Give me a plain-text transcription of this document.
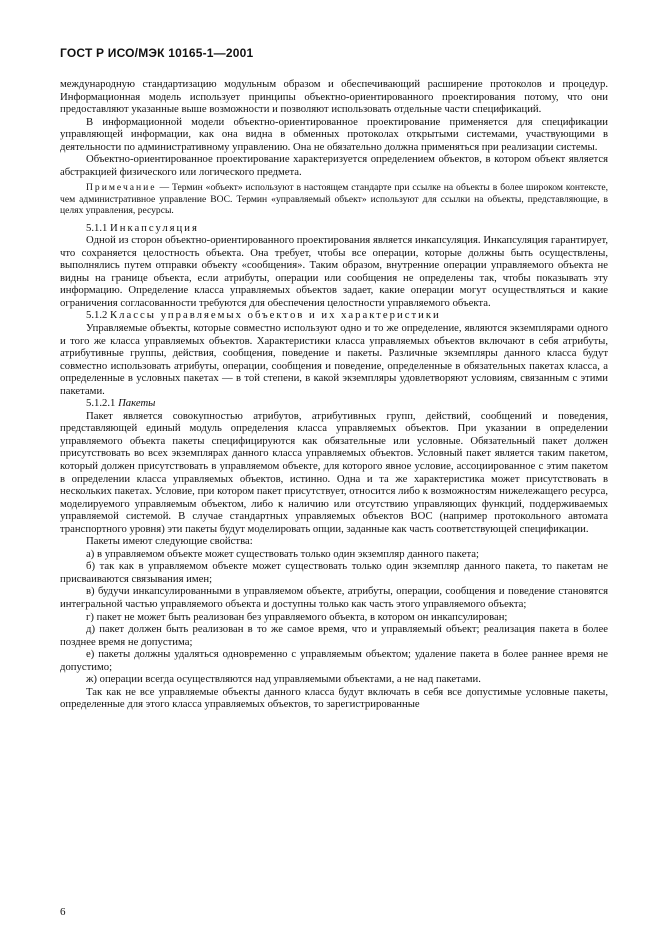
ГОСТ Р ИСО/МЭК 10165-1—2001

международную стандартизацию модульным образом и обеспечивающий расширение протоколов и процедур. Информационная модель использует принципы объектно-ориентированного проектирования потому, что они предоставляют указанные выше возможности и позволяют использовать отдельные части спецификаций.

В информационной модели объектно-ориентированное проектирование применяется для спецификации управляющей информации, как она видна в обменных протоколах открытыми системами, участвующими в деятельности по административному управлению. Она не обязательно должна применяться при реализации системы.

Объектно-ориентированное проектирование характеризуется определением объектов, в котором объект является абстракцией физического или логического предмета.

Примечание — Термин «объект» используют в настоящем стандарте при ссылке на объекты в более широком контексте, чем административное управление ВОС. Термин «управляемый объект» используют для ссылки на объекты, представляющие, в целях управления, ресурсы.

5.1.1 Инкапсуляция

Одной из сторон объектно-ориентированного проектирования является инкапсуляция. Инкапсуляция гарантирует, что сохраняется целостность объекта. Она требует, чтобы все операции, которые должны быть осуществлены, выполнялись путем отправки объекту «сообщения». Таким образом, внутренние операции управляемого объекта не видны на границе объекта, если атрибуты, операции или сообщения не определены так, чтобы показывать эту информацию. Определение класса управляемых объектов задает, какие операции могут осуществляться и какие ограничения согласованности требуются для обеспечения целостности управляемого объекта.

5.1.2 Классы управляемых объектов и их характеристики

Управляемые объекты, которые совместно используют одно и то же определение, являются экземплярами одного и того же класса управляемых объектов. Характеристики класса управляемых объектов включают в себя атрибуты, атрибутивные группы, действия, сообщения, поведение и пакеты. Различные экземпляры данного класса будут совместно использовать атрибуты, операции, сообщения и поведение, определенные в обязательных пакетах класса, а определенные в условных пакетах — в той степени, в какой экземпляры удовлетворяют условиям, связанным с этими пакетами.

5.1.2.1 Пакеты

Пакет является совокупностью атрибутов, атрибутивных групп, действий, сообщений и поведения, представляющей единый модуль определения класса управляемых объектов. При указании в определении управляемого объекта пакеты специфицируются как обязательные или условные. Обязательный пакет должен присутствовать во всех экземплярах данного класса управляемых объектов. Условный пакет является таким пакетом, который должен присутствовать в управляемом объекте, для которого явное условие, ассоциированное с этим пакетом в определении класса управляемых объектов, истинно. Одна и та же характеристика может присутствовать в нескольких пакетах. Условие, при котором пакет присутствует, относится либо к возможностям нижележащего ресурса, моделируемого управляемым объектом, либо к наличию или отсутствию управляющих функций, поддерживаемых управляемой системой. В случае стандартных управляемых объектов ВОС (например протокольного автомата транспортного уровня) эти пакеты будут моделировать опции, заданные как часть соответствующей спецификации.

Пакеты имеют следующие свойства:

а) в управляемом объекте может существовать только один экземпляр данного пакета;

б) так как в управляемом объекте может существовать только один экземпляр данного пакета, то пакетам не присваиваются связывания имен;

в) будучи инкапсулированными в управляемом объекте, атрибуты, операции, сообщения и поведение становятся интегральной частью управляемого объекта и доступны только как часть этого управляемого объекта;

г) пакет не может быть реализован без управляемого объекта, в котором он инкапсулирован;

д) пакет должен быть реализован в то же самое время, что и управляемый объект; реализация пакета в более позднее время не допустима;

е) пакеты должны удаляться одновременно с управляемым объектом; удаление пакета в более раннее время не допустимо;

ж) операции всегда осуществляются над управляемыми объектами, а не над пакетами.

Так как не все управляемые объекты данного класса будут включать в себя все допустимые условные пакеты, определенные для этого класса управляемых объектов, то зарегистрированные

6
